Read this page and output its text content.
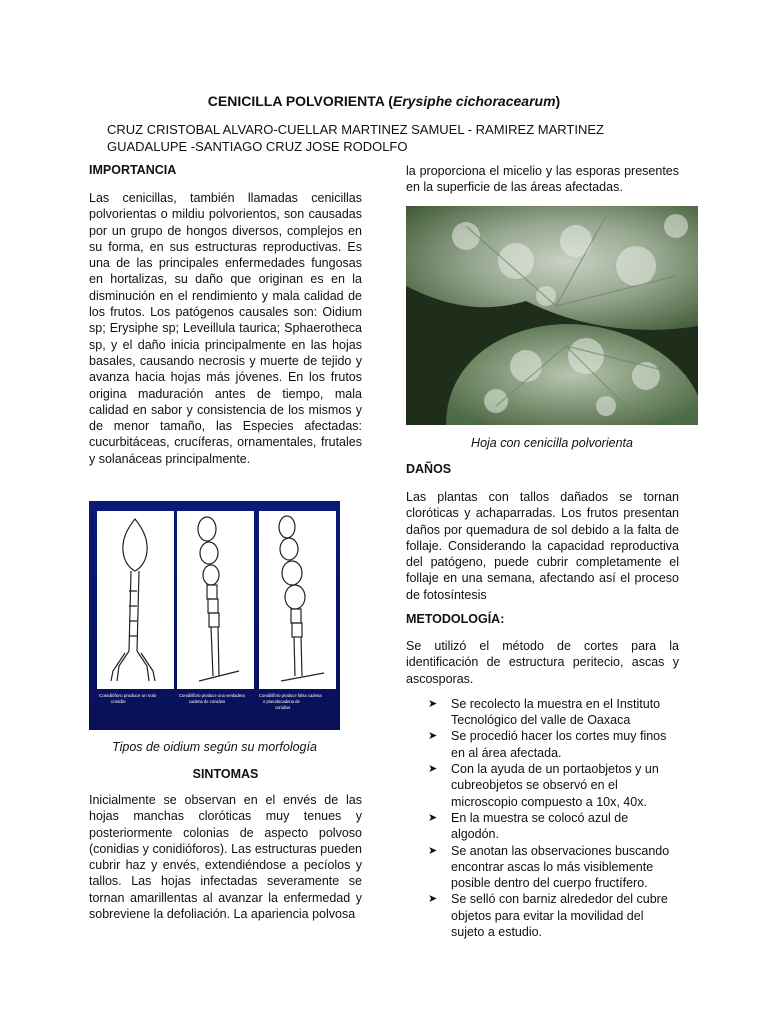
CENICILLA POLVORIENTA (Erysiphe cichoracearum)
CRUZ CRISTOBAL ALVARO-CUELLAR MARTINEZ SAMUEL - RAMIREZ MARTINEZ
GUADALUPE -SANTIAGO CRUZ JOSE RODOLFO
IMPORTANCIA

Las cenicillas, también llamadas cenicillas polvorientas o mildiu polvorientos, son causadas por un grupo de hongos diversos, complejos en su forma, en sus estructuras reproductivas. Es una de las principales enfermedades fungosas en hortalizas, su daño que originan es en la disminución en el rendimiento y mala calidad de los frutos. Los patógenos causales son: Oidium sp; Erysiphe sp; Leveillula taurica; Sphaerotheca sp, y el daño inicia principalmente en las hojas basales, causando necrosis y muerte de tejido y avanza hacia hojas más jóvenes. En los frutos origina maduración antes de tiempo, mala calidad en sabor y consistencia de los mismos y de menor tamaño, las Especies afectadas: cucurbitáceas, crucíferas, ornamentales, frutales y solanáceas principalmente.

Conidióforo produce un solo conidio
Conidióforo produce una verdadera cadena de conidios
Conidióforo produce falsa cadena o pseudocadena de conidios
Tipos de oidium según su morfología
SINTOMAS

Inicialmente se observan en el envés de las hojas manchas cloróticas muy tenues y posteriormente colonias de aspecto polvoso (conidias y conidióforos). Las estructuras pueden cubrir haz y envés, extendiéndose a pecíolos y tallos. Las hojas infectadas severamente se tornan amarillentas al avanzar la enfermedad y sobreviene la defoliación. La apariencia polvosa

la proporciona el micelio y las esporas presentes en la superficie de las áreas afectadas.

Hoja con cenicilla polvorienta
DAÑOS

Las plantas con tallos dañados se tornan cloróticas y achaparradas. Los frutos presentan daños por quemadura de sol debido a la falta de follaje. Considerando la capacidad reproductiva del patógeno, puede cubrir completamente el follaje en una semana, afectando así el proceso de fotosíntesis

METODOLOGÍA:

Se utilizó el método de cortes para la identificación de estructura peritecio, ascas y ascosporas.

➤ Se recolecto la muestra en el Instituto Tecnológico del valle de Oaxaca
➤ Se procedió hacer los cortes muy finos en al área afectada.
➤ Con la ayuda de un portaobjetos y un cubreobjetos se observó en el microscopio compuesto a 10x, 40x.
➤ En la muestra se colocó azul de algodón.
➤ Se anotan las observaciones buscando encontrar ascas lo más visiblemente posible dentro del cuerpo fructífero.
➤ Se selló con barniz alrededor del cubre objetos para evitar la movilidad del sujeto a estudio.
